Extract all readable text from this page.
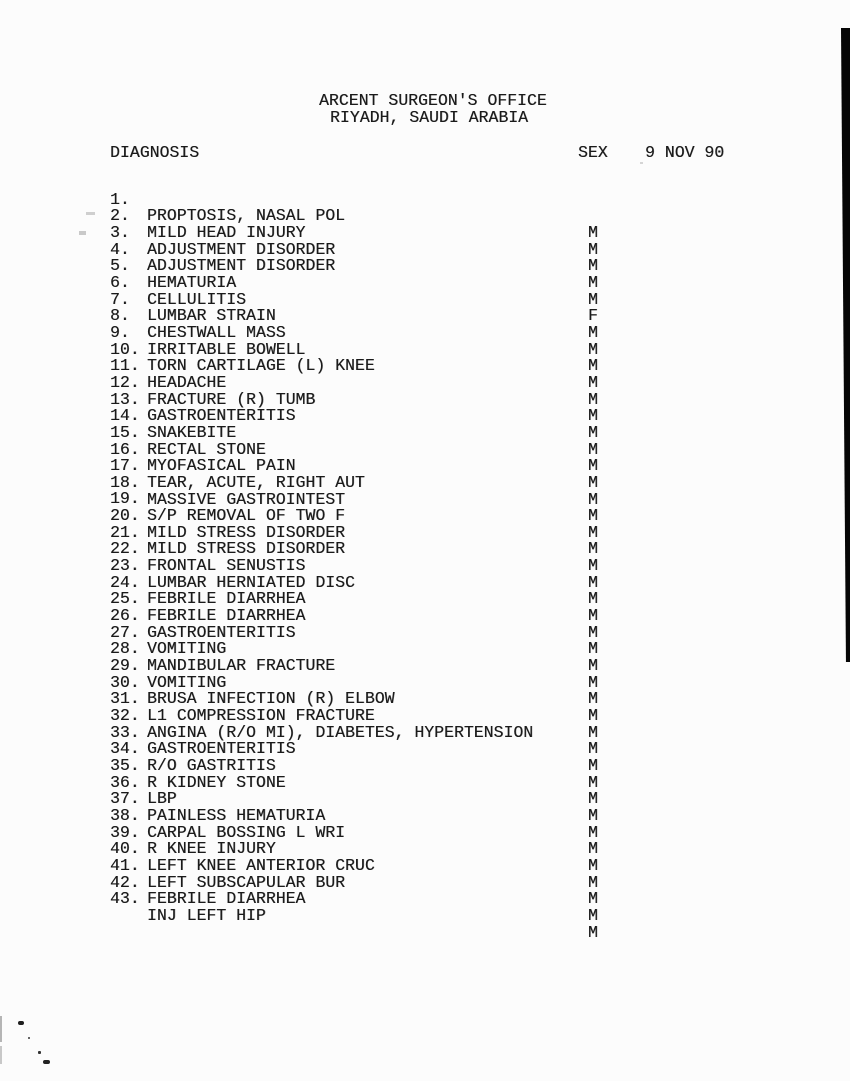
ARCENT SURGEON'S OFFICE
RIYADH, SAUDI ARABIA
DIAGNOSIS	SEX 9 NOV 90

1.

PROPTOSIS, NASAL POL

M

2.

MILD HEAD INJURY

M

3.

ADJUSTMENT DISORDER

M

4.

ADJUSTMENT DISORDER

M

5.

HEMATURIA

M

6.

CELLULITIS

F

7.

LUMBAR STRAIN

M

8.

CHESTWALL MASS

M

9.

IRRITABLE BOWELL

M

10.

TORN CARTILAGE (L) KNEE

M

11.

HEADACHE

M

12.

FRACTURE (R) TUMB

M

13.

GASTROENTERITIS

M

14.

SNAKEBITE

M

15.

RECTAL STONE

M

16.

MYOFASICAL PAIN

M

17.

TEAR, ACUTE, RIGHT AUT

M

18.

MASSIVE GASTROINTEST

M

19.

S/P REMOVAL OF TWO F

M

20.

MILD STRESS DISORDER

M

21.

MILD STRESS DISORDER

M

22.

FRONTAL SENUSTIS

M

23.

LUMBAR HERNIATED DISC

M

24.

FEBRILE DIARRHEA

M

25.

FEBRILE DIARRHEA

M

26.

GASTROENTERITIS

M

27.

VOMITING

M

28.

MANDIBULAR FRACTURE

M

29.

VOMITING

M

30.

BRUSA INFECTION (R) ELBOW

M

31.

L1 COMPRESSION FRACTURE

M

32.

ANGINA (R/O MI), DIABETES, HYPERTENSION

M

33.

GASTROENTERITIS

M

34.

R/O GASTRITIS

M

35.

R KIDNEY STONE

M

36.

LBP

M

37.

PAINLESS HEMATURIA

M

38.

CARPAL BOSSING L WRI

M

39.

R KNEE INJURY

M

40.

LEFT KNEE ANTERIOR CRUC

M

41.

LEFT SUBSCAPULAR BUR

M

42.

FEBRILE DIARRHEA

M

43.

INJ LEFT HIP

M
